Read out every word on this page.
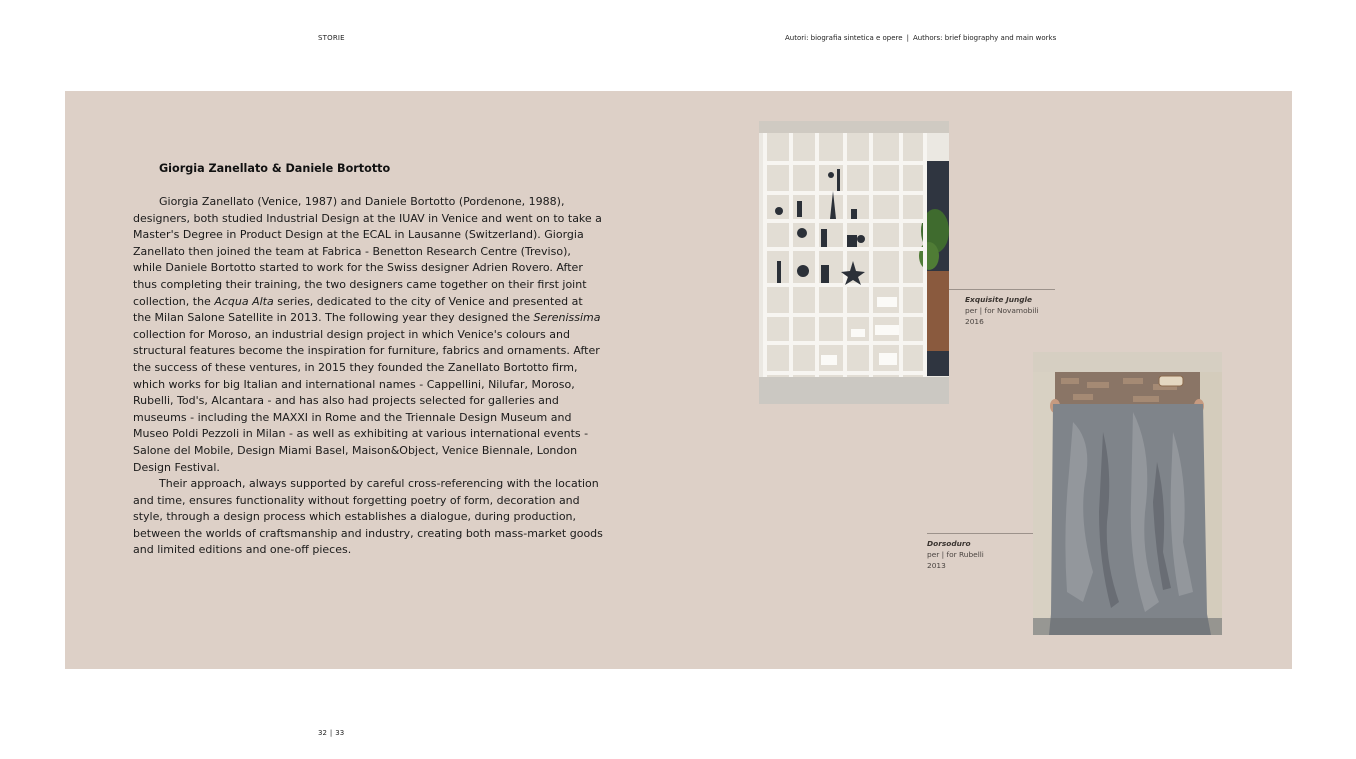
STORIE	Autori: biografia sintetica e opere | Authors: brief biography and main works
Giorgia Zanellato & Daniele Bortotto

Giorgia Zanellato (Venice, 1987) and Daniele Bortotto (Pordenone, 1988), designers, both studied Industrial Design at the IUAV in Venice and went on to take a Master's Degree in Product Design at the ECAL in Lausanne (Switzerland). Giorgia Zanellato then joined the team at Fabrica - Benetton Research Centre (Treviso), while Daniele Bortotto started to work for the Swiss designer Adrien Rovero. After thus completing their training, the two designers came together on their first joint collection, the Acqua Alta series, dedicated to the city of Venice and presented at the Milan Salone Satellite in 2013. The following year they designed the Serenissima collection for Moroso, an industrial design project in which Venice's colours and structural features become the inspiration for furniture, fabrics and ornaments. After the success of these ventures, in 2015 they founded the Zanellato Bortotto firm, which works for big Italian and international names - Cappellini, Nilufar, Moroso, Rubelli, Tod's, Alcantara - and has also had projects selected for galleries and museums - including the MAXXI in Rome and the Triennale Design Museum and Museo Poldi Pezzoli in Milan - as well as exhibiting at various international events - Salone del Mobile, Design Miami Basel, Maison&Object, Venice Biennale, London Design Festival.

Their approach, always supported by careful cross-referencing with the location and time, ensures functionality without forgetting poetry of form, decoration and style, through a design process which establishes a dialogue, during production, between the worlds of craftsmanship and industry, creating both mass-market goods and limited editions and one-off pieces.

Exquisite Jungle
per | for Novamobili
2016
Dorsoduro
per | for Rubelli
2013
32 | 33
